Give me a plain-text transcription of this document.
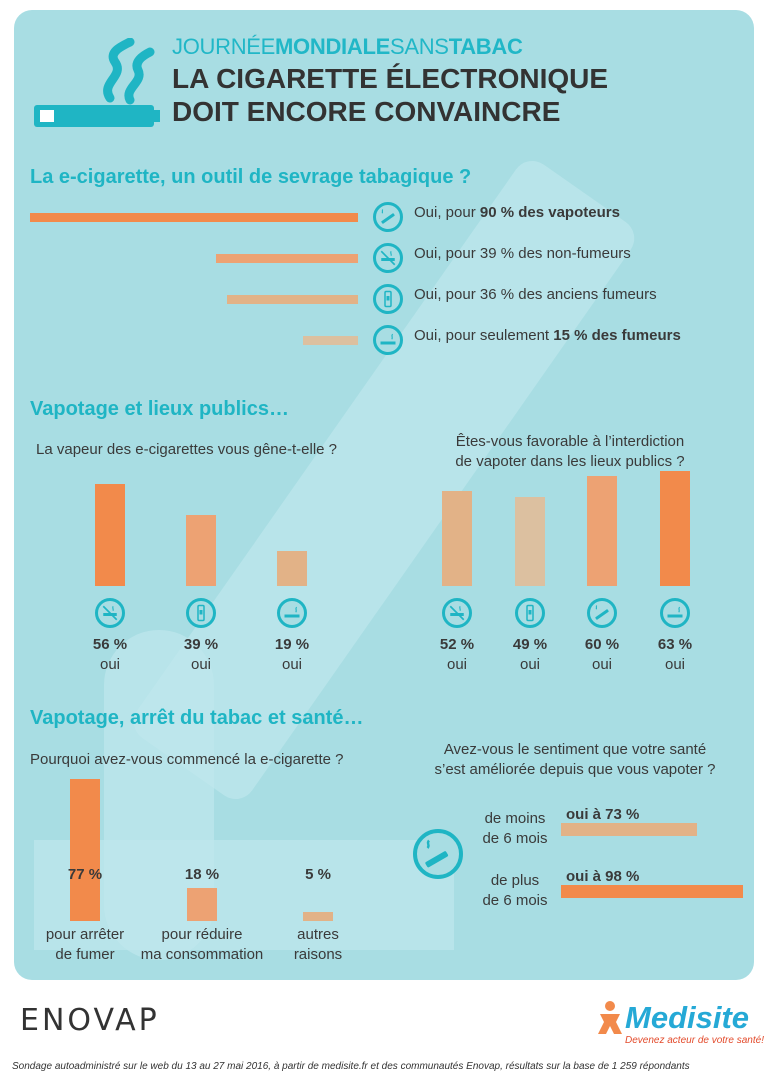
JOURNÉEMONDIALESANSTABAC
LA CIGARETTE ÉLECTRONIQUE
DOIT ENCORE CONVAINCRE
La e-cigarette, un outil de sevrage tabagique ?
Oui, pour 90 % des vapoteurs
Oui, pour 39 % des non-fumeurs
Oui, pour 36 % des anciens fumeurs
Oui, pour seulement 15 % des fumeurs
Vapotage et lieux publics…
La vapeur des e-cigarettes vous gêne-t-elle ?	Êtes-vous favorable à l’interdiction
de vapoter dans les lieux publics ?
56 %
oui
39 %
oui
19 %
oui
52 %
oui
49 %
oui
60 %
oui
63 %
oui
Vapotage, arrêt du tabac et santé…
Pourquoi avez-vous commencé la e-cigarette ?
Avez-vous le sentiment que votre santé
s’est améliorée depuis que vous vapoter ?
77 %
pour arrêter
de fumer
18 %
pour réduire
ma consommation
5 %
autres
raisons
oui à 73 %
de moins
de 6 mois
oui à 98 %
de plus
de 6 mois
ENOVAP	Medisite
Devenez acteur de votre santé!
Sondage autoadministré sur le web du 13 au 27 mai 2016, à partir de medisite.fr et des communautés Enovap, résultats sur la base de 1 259 répondants
